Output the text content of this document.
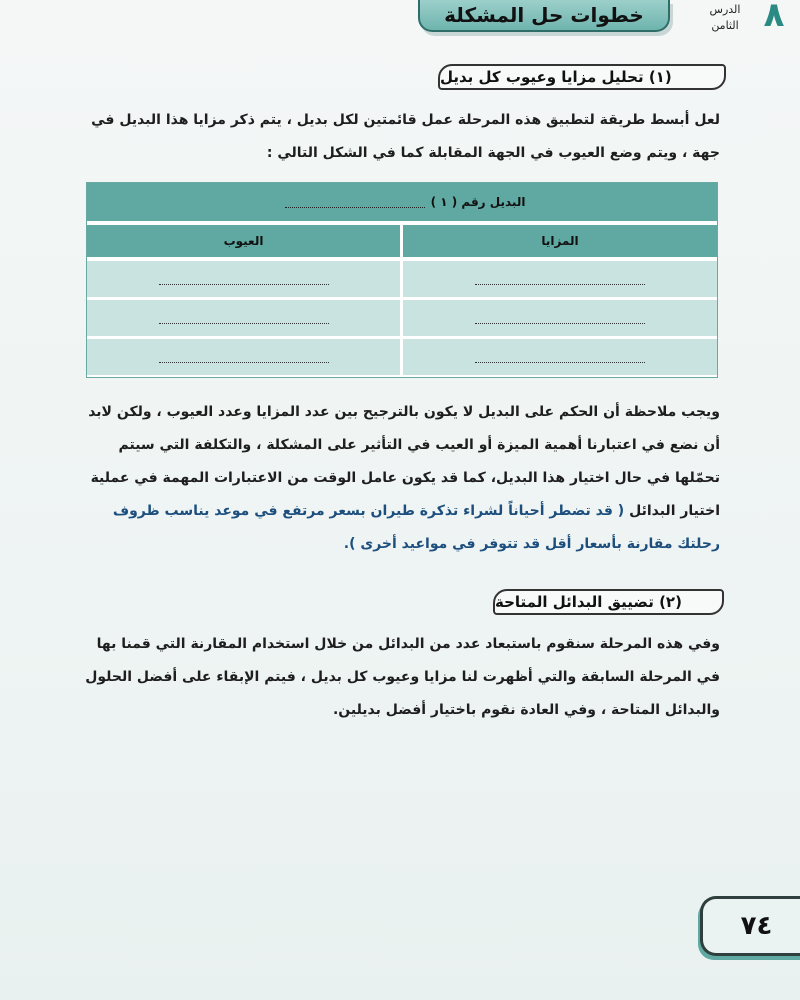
خطوات حل المشكلة	الدرس
الثامن ٨
(١) تحليل مزايا وعيوب كل بديل
لعل أبسط طريقة لتطبيق هذه المرحلة عمل قائمتين لكل بديل ، يتم ذكر مزايا هذا البديل في جهة ، ويتم وضع العيوب في الجهة المقابلة كما في الشكل التالي :
البديل رقم ( ١ )
المزايا
العيوب
ويجب ملاحظة أن الحكم على البديل لا يكون بالترجيح بين عدد المزايا وعدد العيوب ، ولكن لابد أن نضع في اعتبارنا أهمية الميزة أو العيب في التأثير على المشكلة ، والتكلفة التي سيتم تحمّلها في حال اختيار هذا البديل، كما قد يكون عامل الوقت من الاعتبارات المهمة في عملية اختيار البدائل ( قد تضطر أحياناً لشراء تذكرة طيران بسعر مرتفع في موعد يناسب ظروف رحلتك مقارنة بأسعار أقل قد تتوفر في مواعيد أخرى ).
(٢) تضييق البدائل المتاحة
وفي هذه المرحلة سنقوم باستبعاد عدد من البدائل من خلال استخدام المقارنة التي قمنا بها في المرحلة السابقة والتي أظهرت لنا مزايا وعيوب كل بديل ، فيتم الإبقاء على أفضل الحلول والبدائل المتاحة ، وفي العادة نقوم باختيار أفضل بديلين.
٧٤
